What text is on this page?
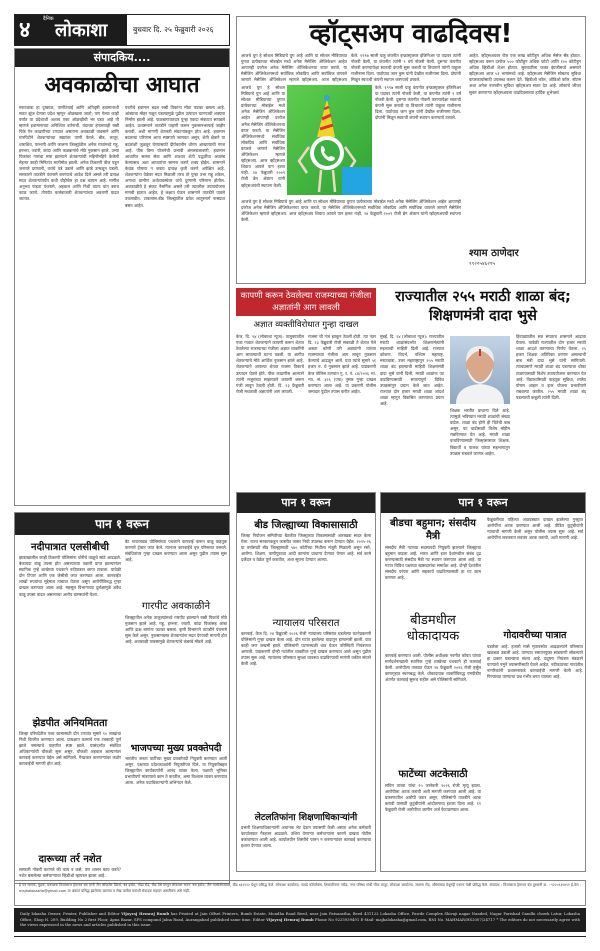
४	दैनिक
लोकाशा	बुधवार दि. २५ फेब्रुवारी २०२६
संपादकिय....
अवकाळीचा आघात
मराठवाडा हा दुष्काळ, पाणीटंचाई आणि अतिवृष्टी हवामानाशी सतत झुंज देणारा प्रदेश म्हणून ओळखला जातो; पण गेल्या काही वर्षांत या प्रदेशाशी अशाच एका ओळखीची भर पडत आहे ती म्हणजे हवामानाच्या अनिश्चित वर्तनाची. यंदाच्या हंगामातही रब्बी पिके ऐन काढणीच्या टप्प्यात असताना अवकाळी पावसाने आणि गारपिटीने शेतकऱ्यांच्या स्वप्नांवर पाणी फेरले. बीड, लातूर, धाराशिव, परभणी आणि जालना जिल्ह्यांतील अनेक गावांमध्ये गहू, हरभरा, ज्वारी, कांदा आणि फळबागांचे मोठे नुकसान झाले. उभ्या पिकांवर गारांचा मारा झाल्याने शेतकऱ्यांची महिनोंमहिने केलेली मेहनत काही मिनिटांत मातीमोल झाली. अनेक ठिकाणी वीज पडून जनावरे दगावली, घरांचे पत्रे उडाले आणि झाडे उन्मळून पडली. सरकारने तातडीने पंचनामे करण्याचे आदेश दिले असले तरी प्रत्यक्ष मदत शेतकऱ्यांपर्यंत कधी पोहोचेल हा प्रश्न कायम आहे. मागील अनुभव पाहता पंचनामे, अहवाल आणि निधी वाटप यांत बराच काळ जातो. तोपर्यंत कर्जबाजारी शेतकऱ्यांच्या अडचणी वाढत जातात.
परतीचे हवामान बदल रब्बी पिकांना मोठा फटका बसला आहे. आंब्याचा मोहर गळून पडल्यामुळे पुढील उत्पादन घटण्याची शक्यता निर्माण झाली आहे. फळबागायतदार पुन्हा एकदा संकटात सापडले आहेत. प्रशासनाने तातडीने पाहणी करून नुकसानभरपाई जाहीर करावी, अशी मागणी शेतकरी संघटनांकडून होत आहे. हवामान बदलाचा परिणाम आता स्पष्टपणे जाणवत असून, शेती क्षेत्राने या बदलांशी जुळवून घेण्यासाठी दीर्घकालीन धोरण आखण्याची गरज आहे. पीक विमा योजनेची प्रभावी अंमलबजावणी, हवामान आधारित सल्ला सेवा आणि शाश्वत शेती पद्धतींचा अवलंब केल्यासच अशा आघातांचा सामना करणे शक्य होईल. शासनाने केवळ घोषणा न करता प्रत्यक्ष कृती करणे अपेक्षित आहे. शेतकऱ्यांना वेळेवर मदत मिळाली तरच तो पुन्हा उभा राहू शकेल, अन्यथा ग्रामीण अर्थव्यवस्थेवर याचे दूरगामी परिणाम होतील. अवकाळीचे हे संकट नैसर्गिक असले तरी त्यावरील उपाययोजना मानवी हातात आहेत, हे लक्षात घेऊन शासनाने तातडीने पावले उचलावीत. टाकलास.बीड जिल्ह्यातील प्रवेश लातूरमार्ग नासप्रात बसत आहेत.
पान १ वरून
नदीपात्रात एलसीबीची
झाडाखालील काही ठिकाणी पोलिसांना चोरीचे वाळूचे साठे आढळले. बेकायदा वाळू उपसा होत असल्याच्या तक्रारी प्राप्त झाल्यानंतर स्थानिक गुन्हे शाखेच्या पथकाने नदीपात्रात छापा टाकला. यावेळी दोन टिप्पर आणि एक जेसीबी जप्त करण्यात आला. कारवाईत लाखो रुपयांचा मुद्देमाल ताब्यात घेतला असून आरोपींविरुद्ध गुन्हा दाखल करण्यात आला आहे. महसूल विभागाच्या दुर्लक्षामुळे अवैध वाळू उपसा वाढत असल्याचा आरोप ग्रामस्थांनी केला.
झेडपीत अनियमितता
जिल्हा परिषदेतील एका कामासाठी दोन टप्प्यांत सुमारे १० लाखांचा निधी वितरीत करण्यात आला. प्रत्यक्षात कामाचे एक टक्काही पूर्ण झाले नसल्याचे पाहणीत स्पष्ट झाले. यासंदर्भात संबंधित अधिकाऱ्यांची चौकशी सुरू असून, चौकशी अहवाल आल्यानंतर कारवाई करण्यात येईल असे सांगितले. गैरप्रकार करणाऱ्यांवर कठोर कारवाईची मागणी होत आहे.
दारूच्या तर्र नशेत
सरकारी नोकरी करणारे की काय व कसे, पण शासन काय करते? नशेत बसलेल्या कर्मचाऱ्याचा व्हिडीओ व्हायरल झाला आहे.
बेट गावाजवळ पोलिसांच्या पथकाने कारवाई करून वाळू वाहतूक करणारे ट्रॅक्टर जप्त केले. त्यानंतर कारवाईचे वृत्त परिसरात पसरले. संबंधितांवर गुन्हा दाखल करण्यात आला असून पुढील तपास सुरू आहे.
गारपीट अवकाळीने
जिल्ह्यातील अनेक तालुक्यांमध्ये गारपीट झाल्याने रब्बी पिकांचे मोठे नुकसान झाले आहे. गहू, हरभरा, ज्वारी, कांदा पिकांसह आंबा आणि द्राक्ष बागांना फटका बसला. कृषी विभागाने तातडीने पंचनामे सुरू केले असून, नुकसानग्रस्त शेतकऱ्यांना मदत देण्याची मागणी होत आहे. अवकाळी पावसामुळे शेतकऱ्यांचे कंबरडे मोडले आहे.
भाजपच्या मुख्य प्रवक्तेपदी
भारतीय जनता पार्टीच्या मुख्य प्रवक्तेपदी नियुक्ती करण्यात आली असून, पक्षाच्या प्रदेशाध्यक्षांनी नियुक्तीपत्र दिले. या नियुक्तीबद्दल जिल्ह्यातील कार्यकर्त्यांनी आनंद व्यक्त केला. पक्षाची भूमिका प्रभावीपणे मांडण्याचे काम ते करतील, असा विश्वास व्यक्त करण्यात आला. अनेक पदाधिकाऱ्यांनी अभिनंदन केले.
व्हॉट्सअप वाढदिवस!
आजचे युग हे सोशल मिडियाचे युग आहे आणि या सोशल मीडियाच्या युगात प्रत्येकाच्या मोबाईल मध्ये अनेक मेसेजिंग ॲप्लिकेशन आहेत आपणही दररोज अनेक मेसेजिंग ॲप्लिकेशनचा वापर करतो. या मेसेजिंग ॲप्लिकेशनमध्ये सर्वाधिक लोकप्रिय आणि सर्वाधिक वापरले जाणारे मेसेजिंग ॲप्लिकेशन म्हणजे व्हॉट्सअप. आज व्हॉट्सअप
केले. १९९७ साली याहू कंपनीत इन्फ्रास्ट्रक्चर इंजिनिअर या पदावर त्यांनी नोकरी केली, या कंपनीत त्यांनी ९ वर्ष नोकरी केली. दुसऱ्या कंपनीत नोकरी करण्यापेक्षा स्वतःची कंपनी सुरू करावी या विचाराने त्यांनी याहूला राजीनामा दिला. पाठोपाठ जान कुम यांनी देखील राजीनामा दिला. दोघांनी मिळून स्वतःची कंपनी स्थापन करण्याचे ठरवले.
आजचे युग हे सोशल मिडियाचे युग आहे आणि या सोशल मीडियाच्या युगात प्रत्येकाच्या मोबाईल मध्ये अनेक मेसेजिंग ॲप्लिकेशन आहेत आपणही दररोज अनेक मेसेजिंग ॲप्लिकेशनचा वापर करतो. या मेसेजिंग ॲप्लिकेशनमध्ये सर्वाधिक लोकप्रिय आणि सर्वाधिक वापरले जाणारे मेसेजिंग ॲप्लिकेशन म्हणजे व्हॉट्सअप. आज व्हॉट्सअप शिवाय आपले पान हलत नाही. २४ फेब्रुवारी २००९ रोजी ब्रेन ॲक्टन यांनी व्हॉट्सअपची स्थापना केली.
केले. १९९७ साली याहू कंपनीत इन्फ्रास्ट्रक्चर इंजिनिअर या पदावर त्यांनी नोकरी केली, या कंपनीत त्यांनी ९ वर्ष नोकरी केली. दुसऱ्या कंपनीत नोकरी करण्यापेक्षा स्वतःची कंपनी सुरू करावी या विचाराने त्यांनी याहूला राजीनामा दिला. पाठोपाठ जान कुम यांनी देखील राजीनामा दिला. दोघांनी मिळून स्वतःची कंपनी स्थापन करण्याचे ठरवले.
आहेत. व्हॉट्सअपवर रोज एक लाख कोटीहून अधिक मेसेज सेंड होतात. व्हॉट्सअप वरून दररोज ५०० कोटीहून अधिक फोटो आणि १०० कोटीहून अधिक व्हिडीओ शेअर होतात. सुरुवातीला फक्त इंग्रजीमध्ये असणारे व्हॉट्सअप आज ५१ भाषांमध्ये आहे. व्हॉट्सअप मेसेजिंग सोबतच सुविधा वापरकर्त्यांसाठी उपलब्ध करून देते. व्हिडीओ कॉल, ऑडिओ कॉल, स्टेटस अशा अनेक नवनवीन सुविधा व्हॉट्सअप सतत देत आहे. लोकांचे जीवन सुकर करणाऱ्या व्हॉट्सअपला वाढदिवसाच्या हार्दिक शुभेच्छा!
श्याम ठाणेदार
९९२२५४६२९५
आजचे युग हे सोशल मिडियाचे युग आहे आणि या सोशल मीडियाच्या युगात प्रत्येकाच्या मोबाईल मध्ये अनेक मेसेजिंग ॲप्लिकेशन आहेत आपणही दररोज अनेक मेसेजिंग ॲप्लिकेशनचा वापर करतो. या मेसेजिंग ॲप्लिकेशनमध्ये सर्वाधिक लोकप्रिय आणि सर्वाधिक वापरले जाणारे मेसेजिंग ॲप्लिकेशन म्हणजे व्हॉट्सअप. आज व्हॉट्सअप शिवाय आपले पान हलत नाही. २४ फेब्रुवारी २००९ रोजी ब्रेन ॲक्टन यांनी व्हॉट्सअपची स्थापना केली.
कापणी करून ठेवलेल्या राजम्याच्या गंजीला अज्ञातांनी आग लावली
अज्ञात व्यक्तीविरोधात गुन्हा दाखल
केज, दि. २४ (लोकाशा न्यूज): तालुक्यातील एका गावात शेतकऱ्याने कापणी करून शेतात ठेवलेल्या राजम्याच्या गंजीला अज्ञात व्यक्तींनी आग लावल्याची घटना घडली. या आगीत शेतकऱ्याचे मोठे आर्थिक नुकसान झाले आहे. शेतकऱ्याने आपल्या शेतात राजमा पिकाचे उत्पादन घेतले होते. पीक काढणीस आल्याने त्यांनी मजुरांच्या साहाय्याने कापणी करून गंजी लावून ठेवली होती. दि. २३ फेब्रुवारी रोजी मध्यरात्री अज्ञातांनी आग लावली.
राजमा ची गंज झाकून ठेवली होती. त्या नंतर दि. २३ फेब्रुवारी रोजी सकाळी ते शेतात गेले असता कोणी तरी अज्ञातांनी त्यांच्या राजम्याच्या गंजीला आग लावून नुकसान केल्याचे आढळून आले. यात त्यांचे सुमारे ५१ हजार रु. चे नुकसान झाले आहे. याप्रकरणी केज पोलिस ठाण्यात गु. र. नं. ८४/२०२६ भा. न्या. सं. ३२६ (एफ) नुसार गुन्हा दाखल करण्यात आला आहे. या प्रकरणी पोलीस जमादार पुढील तपास करीत आहेत.
राज्यातील २५५ मराठी शाळा बंद; शिक्षणमंत्री दादा भुसे
मुंबई, दि. २४ (लोकाशा न्यूज): राज्यातील मराठी शाळांसंदर्भात शिक्षणमंत्र्यांनी महत्त्वाची माहिती दिली आहे. राज्यात कोकण, विदर्भ, पश्चिम महाराष्ट्र, मराठवाडा, उत्तर महाराष्ट्रातून २५५ मराठी शाळा बंद झाल्याची माहिती शिक्षणमंत्री दादा भुसे यांनी दिली. मराठी शाळांना पट वाढविण्यासाठी सातत्यपूर्ण विविध उपक्रमांतून प्रयत्न केले जात आहेत. राज्यात दोन हजार मराठी शाळा आदर्श शाळा म्हणून विकसित करण्याचा प्रयत्न आहे.
शिक्षक भरतीत प्राधान्य दिले आहे. त्यामुळे भविष्यात मराठी शाळांची संख्या वाढेल. शाळा बंद होणे ही चिंतेची बाब असून, पट वाढीसाठी विशेष मोहीम राबविण्यात येत आहे. मराठी शाळा वाचविण्यासाठी जिल्हास्तरावर शिक्षक, विद्यार्थी व पालक यांच्या सहभागातून उपक्रम राबवले जाणार आहेत.
हिवाळ्यातील सत्र संपताच शासनाने आढावा घेतला. यावेळी राज्यातील दोन हजार मराठी शाळा आदर्श करण्याचा निर्णय घेतला. २५ हजार शिक्षक अतिरिक्त ठरणार असल्याची बाब मंत्री दादा भुसे यांनी सांगितली. त्याचप्रमाणे मराठी शाळा बंद पडण्याचा धोका टाळण्यासाठी विशेष उपाययोजना करण्यात येत आहे. विद्यार्थ्यांसाठी वाहतूक सुविधा, शालेय पोषण आहार व इतर योजना प्रभावीपणे राबवल्या जातील. २५५ मराठी शाळा बंद पडल्याची कबुली त्यांनी दिली.
पान १ वरून
बीड जिल्ह्याच्या विकासासाठी
जिल्हा नियोजन समितीच्या बैठकीत जिल्ह्याच्या विकासासाठी आराखडा सादर केला गेला. राज्य सरकारकडून जास्तीत जास्त निधी उपलब्ध करून देण्यात येईल. २०२५-२६ या वर्षासाठी बीड जिल्ह्यासाठी ५४० कोटींच्या निधीला मंजुरी मिळाली असून रस्ते, आरोग्य, शिक्षण, पाणीपुरवठा आदी कामांना प्राधान्य देण्यात येणार आहे. सर्व कामे दर्जेदार व वेळेत पूर्ण करावीत, अशा सूचना देण्यात आल्या.
न्यायालय परिसरात
कारवाई. केज दि. २४ फेब्रुवारी २०२६ रोजी न्यायालय परिसरात घडलेल्या घटनेप्रकरणी पोलिसांनी गुन्हा दाखल केला आहे. दोन गटांत झालेल्या वादातून हाणामारी झाली. यात काही जण जखमी झाले. पोलिसांनी घटनास्थळी धाव घेऊन परिस्थिती नियंत्रणात आणली. याप्रकरणी दोन्ही गटांतील व्यक्तींवर गुन्हे दाखल करण्यात आले असून पुढील तपास सुरू आहे. न्यायालय परिसरात सुरक्षा व्यवस्था वाढविण्याची मागणी वकील संघाने केली आहे.
लेटलतिफांना शिक्षणाधिकाऱ्यांनी
प्रभारी शिक्षणाधिकाऱ्यांनी अचानक भेट देऊन तपासणी केली असता अनेक कर्मचारी कार्यालयात गैरहजर आढळले. उशिरा येणाऱ्या कर्मचाऱ्यांना कारणे दाखवा नोटीस बजावण्यात आली आहे. कार्यालयीन शिस्तीचे पालन न करणाऱ्यांवर कारवाई करण्याचा इशारा देण्यात आला.
पान १ वरून
बीडचा बहुमान; संसदीय मैत्री
संसदीय मैत्री गटाच्या सदस्यपदी नियुक्ती झाल्याने जिल्ह्याचा बहुमान वाढला आहे. भारत आणि इतर देशांमधील संबंध दृढ करण्यासाठी संसदीय मैत्री गट स्थापन करण्यात आला आहे. या गटात विविध पक्षांच्या खासदारांचा समावेश आहे. दोन्ही देशांतील संसदीय परंपरा आणि सहकार्य वाढविण्यासाठी हा गट काम करणार आहे.
बीडमधील धोकादायक
कारवाई करण्यात आली. पोलीस अधीक्षक नवनीत कॉवत यांच्या मार्गदर्शनाखाली स्थानिक गुन्हे शाखेच्या पथकाने ही कारवाई केली. आरोपीला ताब्यात घेऊन २४ फेब्रुवारी २०२६ रोजी हर्सूल कारागृहात स्थानबद्ध केले. धोकादायक व्यक्तींविरुद्ध एमपीडीए अंतर्गत कारवाई सुरूच राहील असे पोलिसांनी सांगितले.
फाटेंच्या अटकेसाठी
सचिन तावरा यांचा १५ जानेवारी २०२६ रोजी मृत्यू झाला. आरोपीला अटक करावी अशी मागणी करण्यात आली आहे. या प्रकरणातील आरोपी फरार असून, पोलिसांनी तातडीने अटक करावी यासाठी कुटुंबीयांनी आंदोलनाचा इशारा दिला आहे. ११ फेब्रुवारी रोजी आरोपीचा जामीन अर्ज फेटाळण्यात आला.
फेब्रुवारीच्या पहिल्या आठवड्यात दाखल झालेल्या गुन्ह्यात आरोपींना अटक करण्यात आली आहे. पीडित कुटुंबीयांनी न्यायाची मागणी केली असून पोलीस तपास सुरू आहे. सर्व आरोपींना लवकरात लवकर अटक करावी, अशी मागणी आहे.
गोदावरीच्या पात्रात
पडलेला आहे. हजारो मासे मृतावस्थेत आढळल्याने परिसरात खळबळ उडाली आहे. पाण्यात रसायनयुक्त सांडपाणी सोडल्याने हा प्रकार घडल्याचा संशय आहे. प्रदूषण नियंत्रण मंडळाने पाण्याचे नमुने तपासणीसाठी घेतले आहेत. नदीकाठच्या गावांतील नागरिकांनी प्रशासनाकडे कारवाईची मागणी केली आहे. पिण्याच्या पाण्याचा प्रश्न गंभीर बनत चालला आहे.
हे पत्र मालक, मुद्रक, प्रकाशक विजयराज हेमराज बंब यांनी जैन ऑफसेट प्रिंटर्स, बंब इस्टेट, मोंढा रोड, बीड येथे छापून लोकाशा भवन, बंब इस्टेट, जैन पतसंस्थेजवळ, बीड ४३११२२ येथून प्रसिद्ध केले. लोकाशा कार्यालय, पावडे कॉम्प्लेक्स, शिवाजीनगर नांदेड, नगर परिषद गांधी चौक लातूर, लोकाशा कार्यालय, जालना रोड, औरंगाबाद येथूनही एकाच वेळी प्रसिद्ध केले. संपादक : विजयराज हेमराज बंब दूरध्वनी क्र. : ९२२५९३९४९१ ई-मेल : majhalokasha@gmail.com या अंकात प्रसिद्ध झालेल्या बातम्या व लेख यातील मतांशी संपादक सहमत असतीलच असे नाही.
Daily lokasha Owner, Printer, Publisher and Editor Vijayraj Hemraj Bumb has Printed at Jain Offset Printers, Bumb Estate, Mondha Road Beed, near Jain Patsanstha, Beed 431122 Lokasha Office, Pawde Complex Shivaji nagar Nanded, Nagar Parishad Gandhi chowk Latur, Lokasha Office, Shop N. 209, Building No 2 first Floor, Apna Bazar, SFS compund Jalna Road, Aurangabad published same time. Editor Vijayraj Hemraj Bumb Phone No 9225939491 E-Mail- majhalokasha@gmail.com, RNI No. MAHMAR/HS2007/24717 * The editors do not necessarily agree with the views expressed in the news and articles published in this issue.
